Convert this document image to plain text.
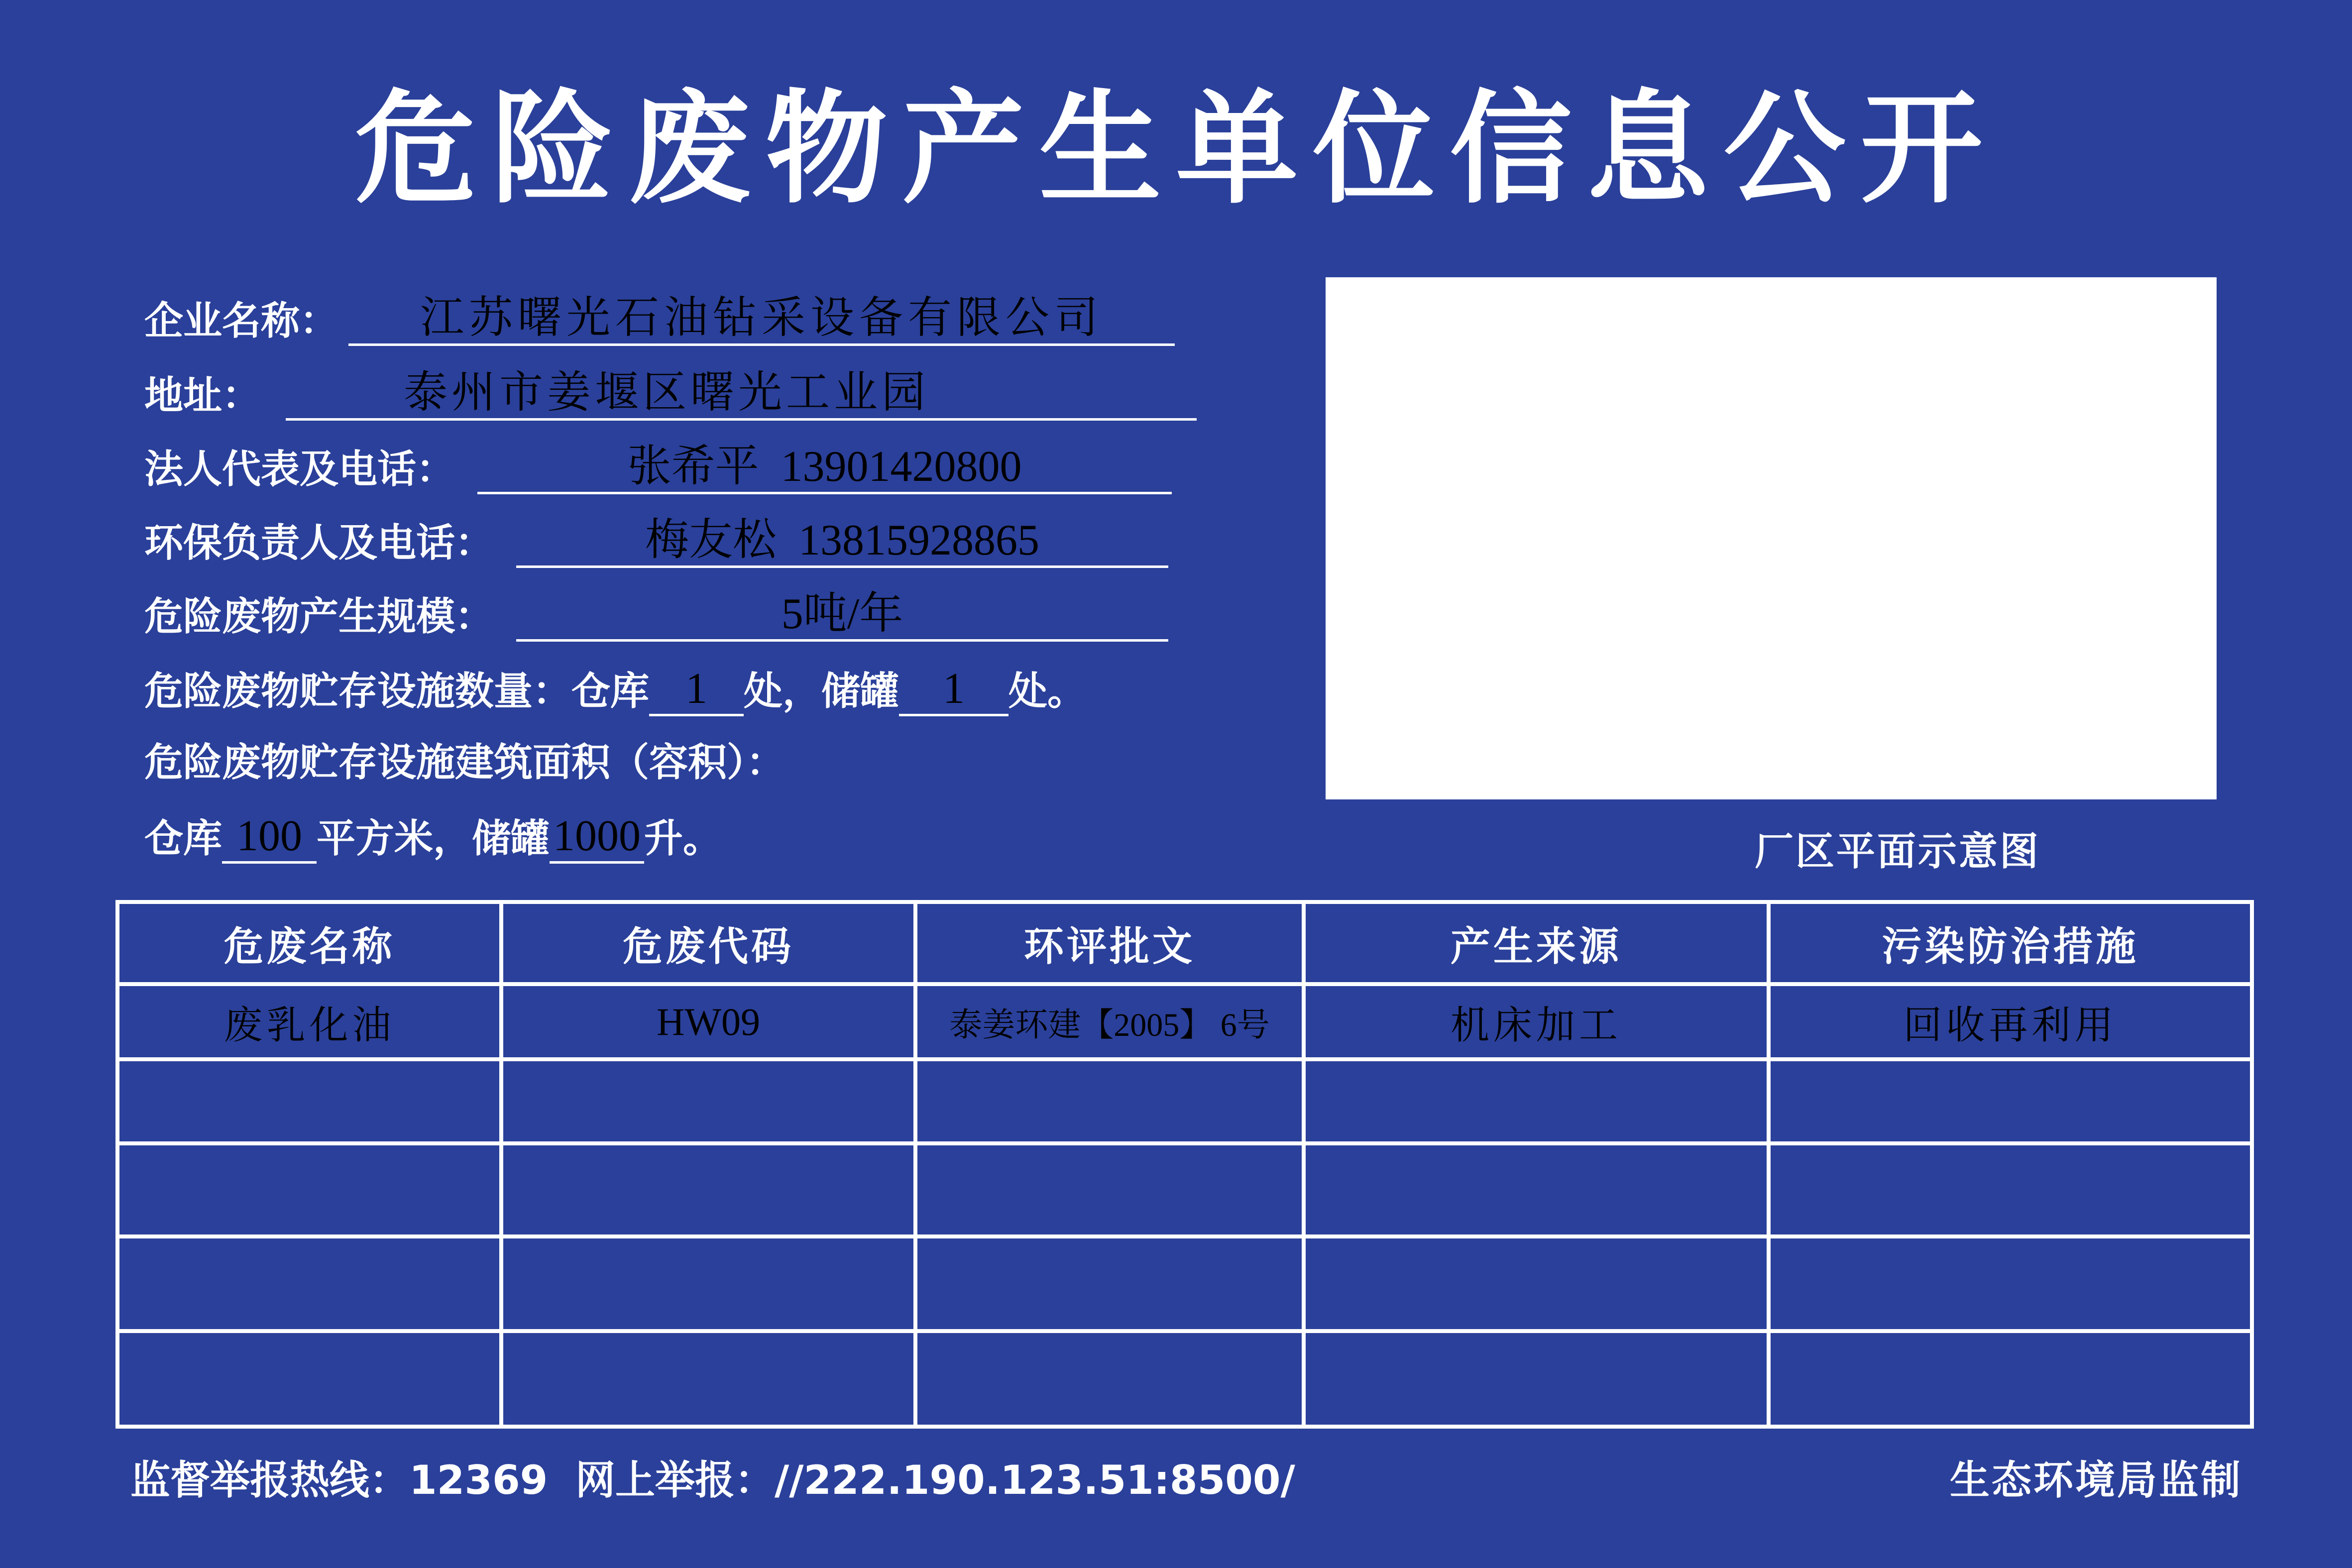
危险废物产生单位信息公开
企业名称：	江苏曙光石油钻采设备有限公司
地址：	泰州市姜堰区曙光工业园
法人代表及电话：	张希平  13901420800
环保负责人及电话：	梅友松  13815928865
危险废物产生规模：	5吨/年
危险废物贮存设施数量：仓库 1 处，储罐	1	处。
危险废物贮存设施建筑面积（容积）：
仓库 100 平方米，储罐 1000 升。	厂区平面示意图
危废名称	危废代码	环评批文	产生来源	污染防治措施
废乳化油	HW09	泰姜环建【2005】 6号	机床加工	回收再利用

监督举报热线：12369  网上举报：//222.190.123.51:8500/	生态环境局监制
